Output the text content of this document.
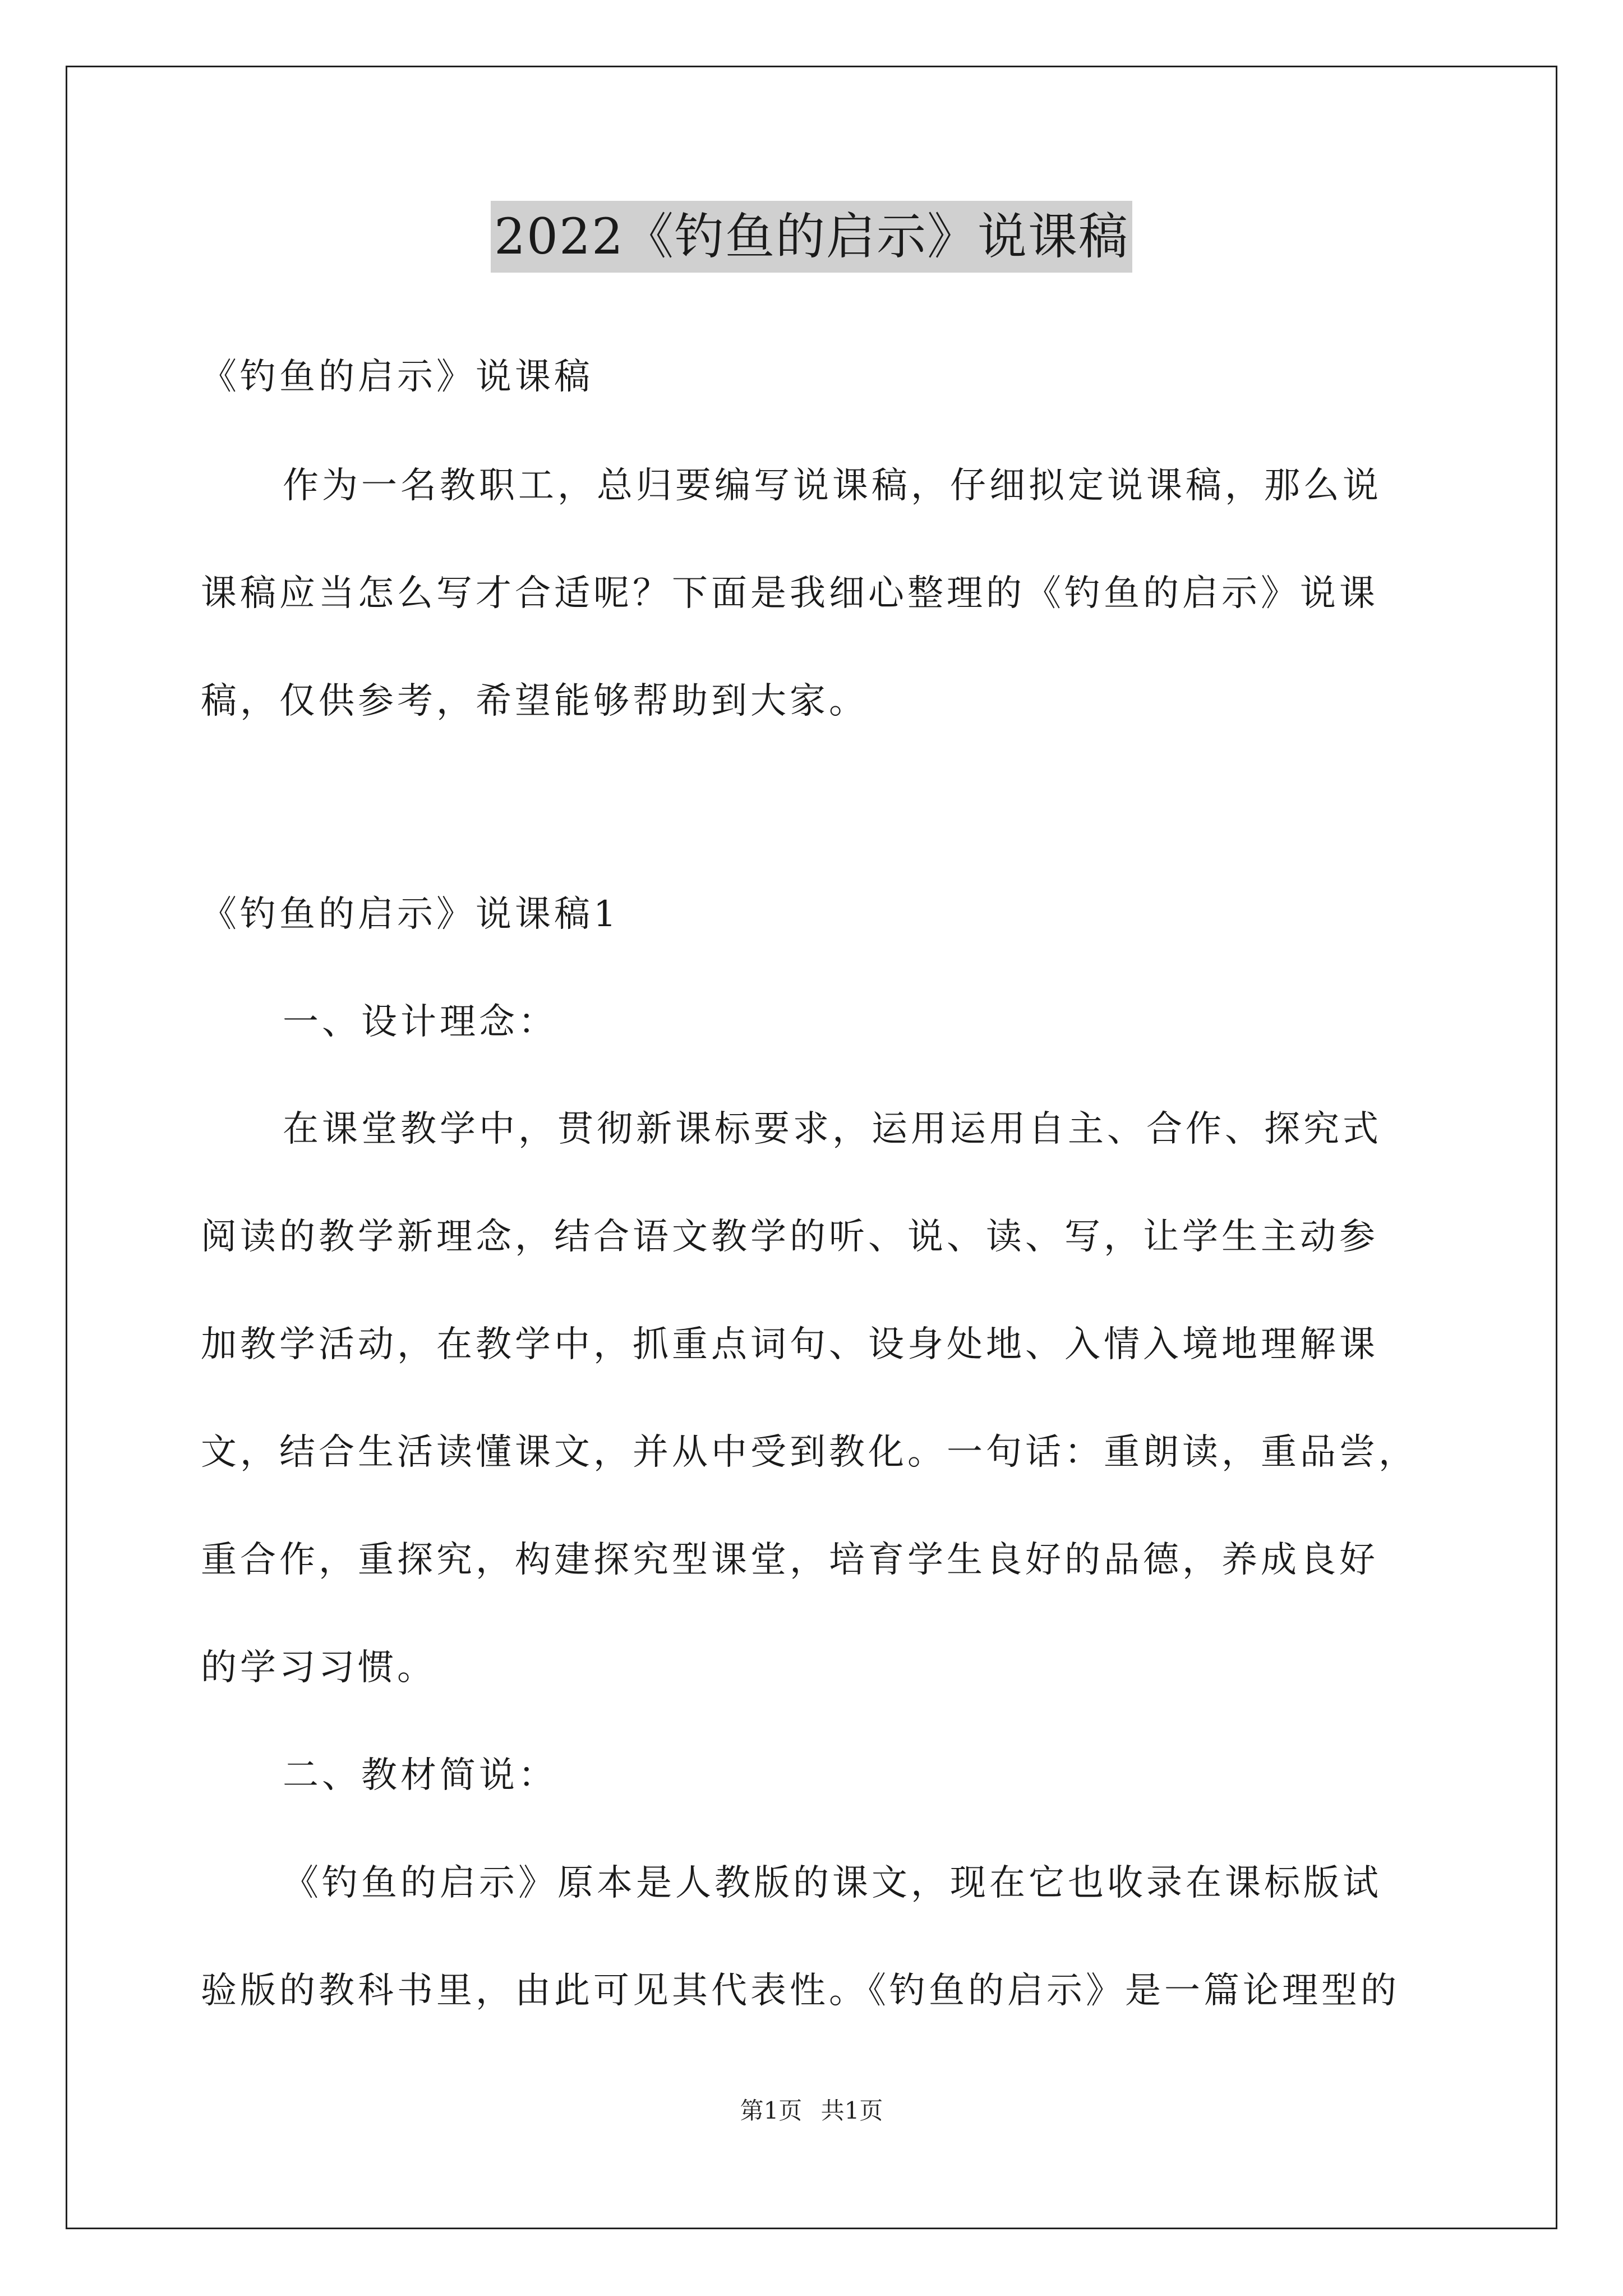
2022《钓鱼的启示》说课稿
《钓鱼的启示》说课稿
作为一名教职工，总归要编写说课稿，仔细拟定说课稿，那么说
课稿应当怎么写才合适呢？下面是我细心整理的《钓鱼的启示》说课
稿，仅供参考，希望能够帮助到大家。
《钓鱼的启示》说课稿1
一、设计理念：
在课堂教学中，贯彻新课标要求，运用运用自主、合作、探究式
阅读的教学新理念，结合语文教学的听、说、读、写，让学生主动参
加教学活动，在教学中，抓重点词句、设身处地、入情入境地理解课
文，结合生活读懂课文，并从中受到教化。一句话：重朗读，重品尝，
重合作，重探究，构建探究型课堂，培育学生良好的品德，养成良好
的学习习惯。
二、教材简说：
《钓鱼的启示》原本是人教版的课文，现在它也收录在课标版试
验版的教科书里，由此可见其代表性。《钓鱼的启示》是一篇论理型的
第1页 共1页
